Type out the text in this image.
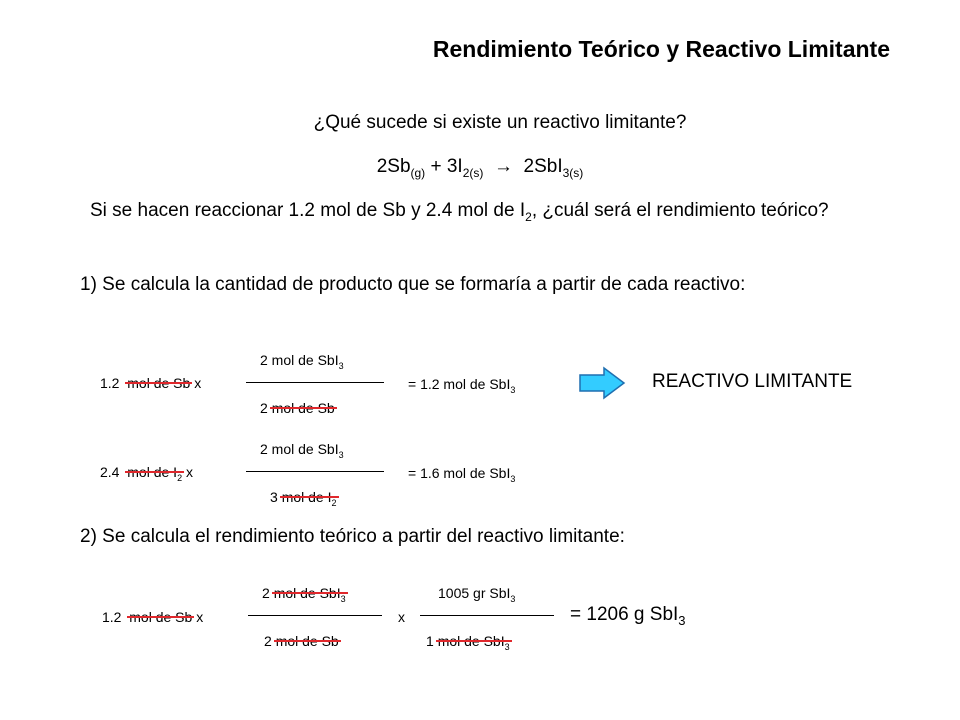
Rendimiento Teórico y Reactivo Limitante
¿Qué sucede si existe un reactivo limitante?
$2Sb_{(g)} + 3I_{2(s)} \to 2SbI_{3(s)}$
Si se hacen reaccionar 1.2 mol de Sb y 2.4 mol de $I_2$, ¿cuál será el rendimiento teórico?
1) Se calcula la cantidad de producto que se formaría a partir de cada reactivo:
1.2 mol de Sb x
2 mol de SbI$_3$
2 mol de Sb
= 1.2 mol de SbI$_3$	REACTIVO LIMITANTE
2.4 mol de $I_2$ x
2 mol de SbI$_3$
3 mol de $I_2$
= 1.6 mol de SbI$_3$
2) Se calcula el rendimiento teórico a partir del reactivo limitante:
1.2 mol de Sb x
2 mol de SbI$_3$
2 mol de Sb
x
1005 gr SbI$_3$
1 mol de SbI$_3$
= 1206 g SbI$_3$
